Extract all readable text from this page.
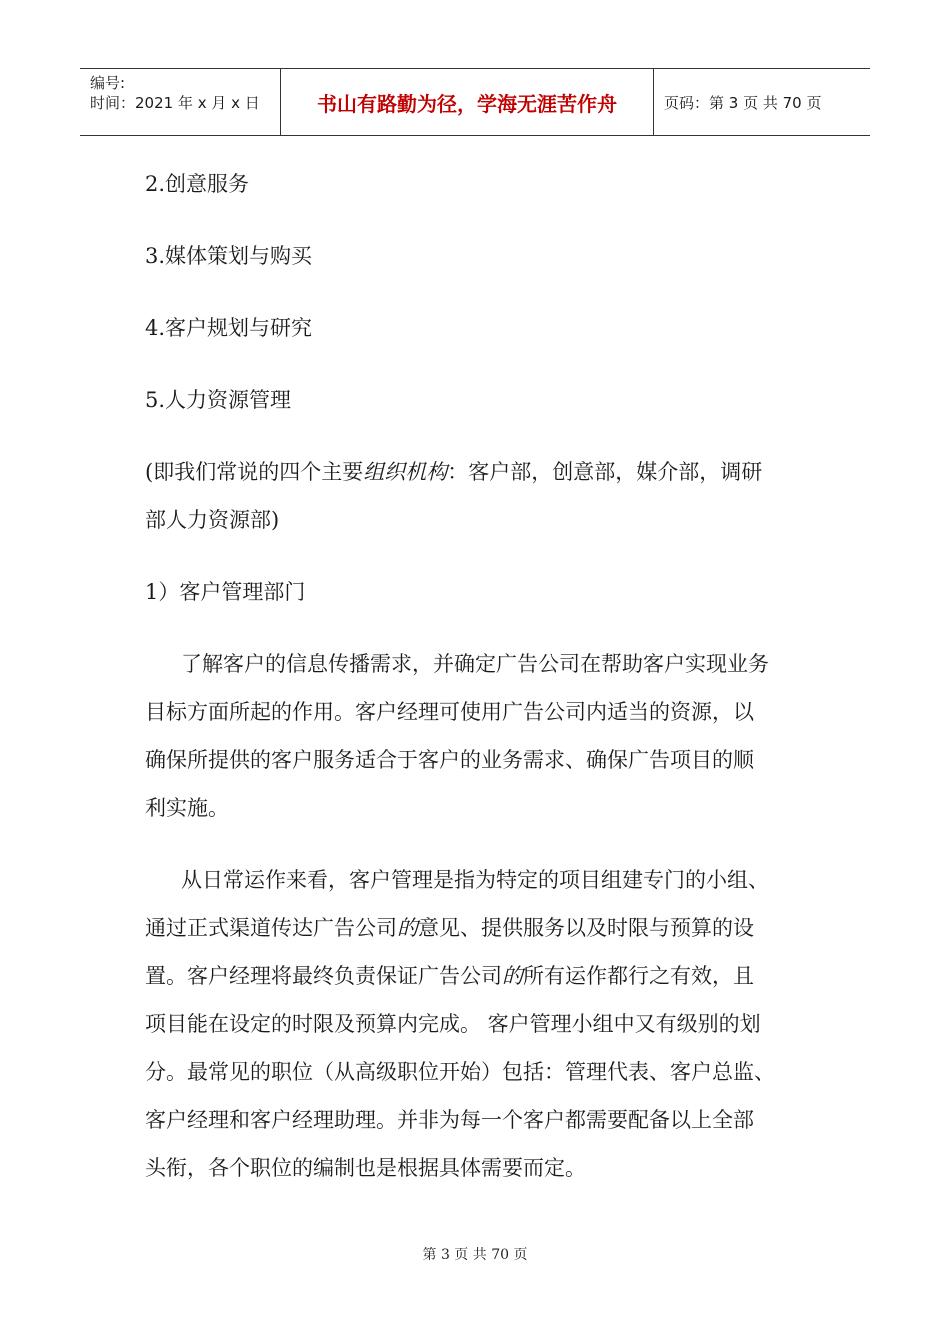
编号:
时间：2021 年 x 月 x 日	书山有路勤为径，学海无涯苦作舟	页码：第 3 页 共 70 页
2.创意服务
3.媒体策划与购买
4.客户规划与研究
5.人力资源管理
(即我们常说的四个主要组织机构：客户部，创意部，媒介部，调研
部人力资源部)
1）客户管理部门

了解客户的信息传播需求，并确定广告公司在帮助客户实现业务

目标方面所起的作用。客户经理可使用广告公司内适当的资源，以

确保所提供的客户服务适合于客户的业务需求、确保广告项目的顺

利实施。

从日常运作来看，客户管理是指为特定的项目组建专门的小组、

通过正式渠道传达广告公司的意见、提供服务以及时限与预算的设

置。客户经理将最终负责保证广告公司的所有运作都行之有效，且

项目能在设定的时限及预算内完成。 客户管理小组中又有级别的划

分。最常见的职位（从高级职位开始）包括：管理代表、客户总监、

客户经理和客户经理助理。并非为每一个客户都需要配备以上全部

头衔，各个职位的编制也是根据具体需要而定。

第 3 页 共 70 页
